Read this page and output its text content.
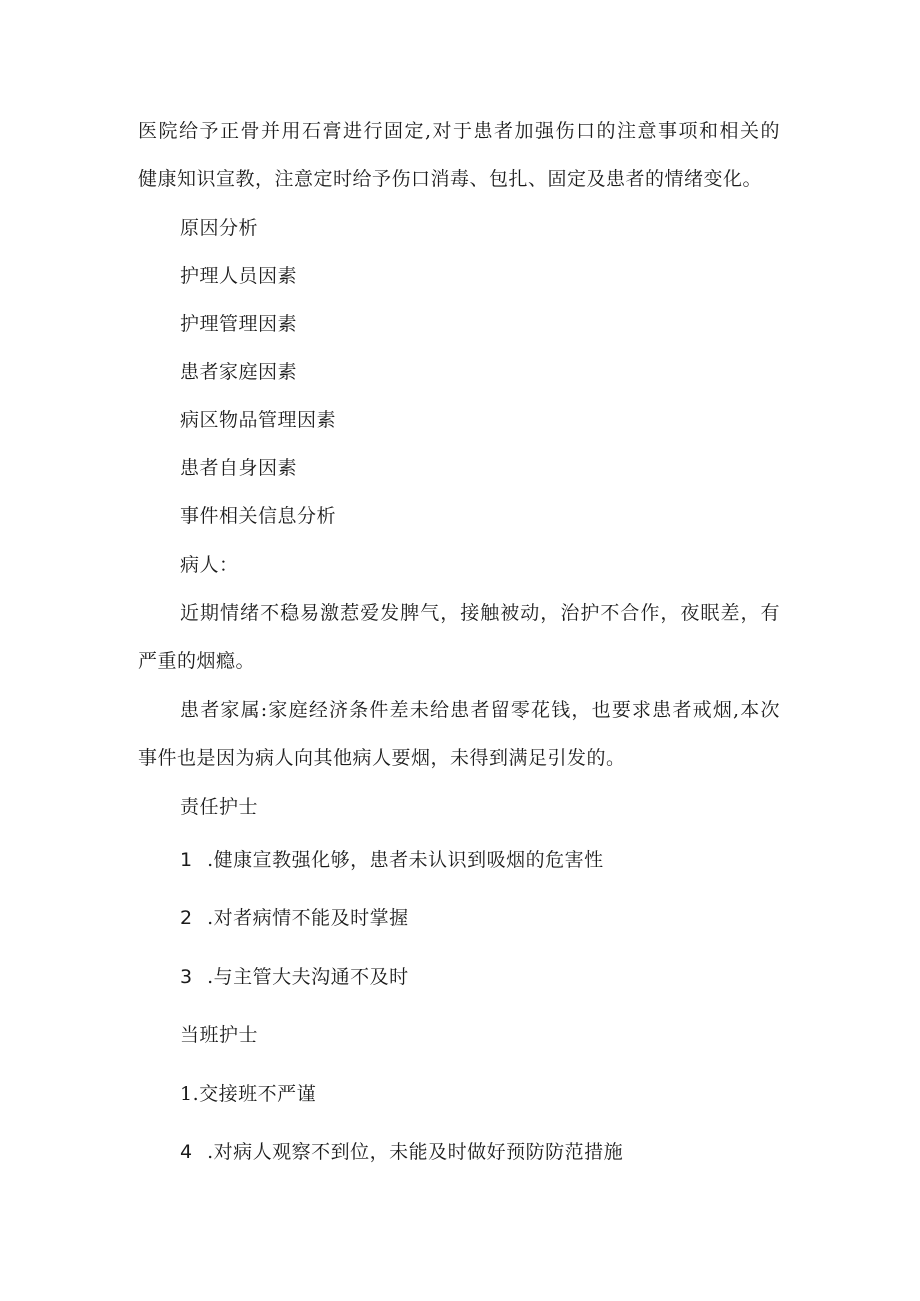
医院给予正骨并用石膏进行固定,对于患者加强伤口的注意事项和相关的
健康知识宣教，注意定时给予伤口消毒、包扎、固定及患者的情绪变化。
原因分析
护理人员因素
护理管理因素
患者家庭因素
病区物品管理因素
患者自身因素
事件相关信息分析
病人：
近期情绪不稳易激惹爱发脾气，接触被动，治护不合作，夜眠差，有
严重的烟瘾。
患者家属:家庭经济条件差未给患者留零花钱，也要求患者戒烟,本次
事件也是因为病人向其他病人要烟，未得到满足引发的。
责任护士
1 .健康宣教强化够，患者未认识到吸烟的危害性
2 .对者病情不能及时掌握
3 .与主管大夫沟通不及时
当班护士
1.交接班不严谨
4 .对病人观察不到位，未能及时做好预防防范措施
